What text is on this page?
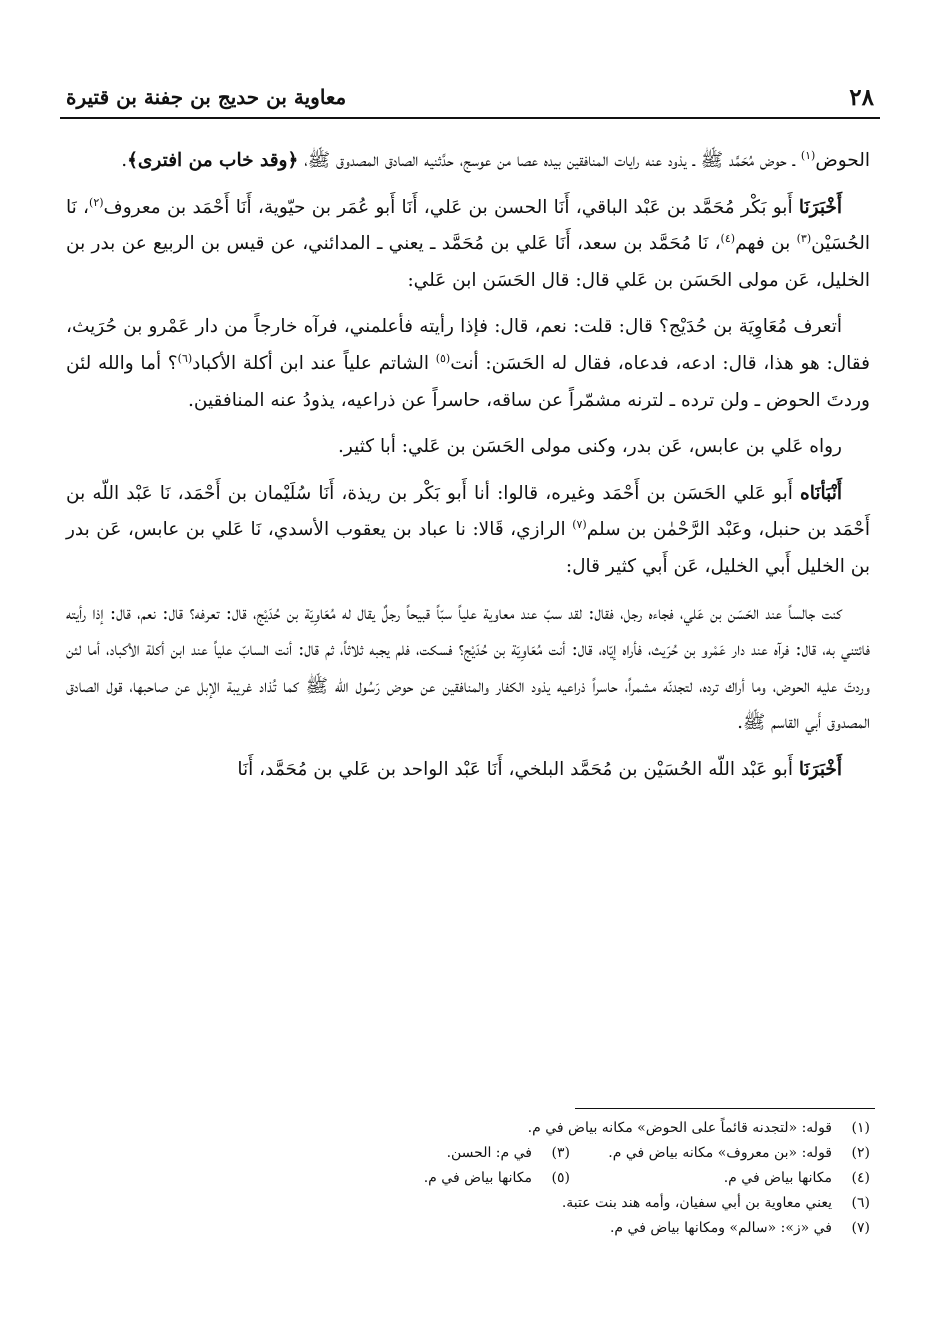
٢٨
معاوية بن حديج بن جفنة بن قتيرة

الحوض$^{(١)}$ ـ حوض مُحَمَّد ﷺ ـ يذود عنه رايات المنافقين بيده عصا من عوسج، حدَّثنيه الصادق المصدوق ﷺ، ﴿وقد خاب من افترى﴾.

أَخْبَرَنَا أَبو بَكْر مُحَمَّد بن عَبْد الباقي، أَنَا الحسن بن عَلي، أَنَا أَبو عُمَر بن حيّوية، أَنَا أَحْمَد بن معروف$^{(٢)}$، نَا الحُسَيْن$^{(٣)}$ بن فهم$^{(٤)}$، نَا مُحَمَّد بن سعد، أَنَا عَلي بن مُحَمَّد ـ يعني ـ المدائني، عن قيس بن الربيع عن بدر بن الخليل، عَن مولى الحَسَن بن عَلي قال: قال الحَسَن ابن عَلي:

أتعرف مُعَاوِيَة بن حُدَيْج؟ قال: قلت: نعم، قال: فإذا رأيته فأعلمني، فرآه خارجاً من دار عَمْرو بن حُرَيث، فقال: هو هذا، قال: ادعه، فدعاه، فقال له الحَسَن: أنت$^{(٥)}$ الشاتم علياً عند ابن أكلة الأكباد$^{(٦)}$؟ أما والله لئن وردتَ الحوض ـ ولن ترده ـ لترنه مشمّراً عن ساقه، حاسراً عن ذراعيه، يذودُ عنه المنافقين.

رواه عَلي بن عابس، عَن بدر، وكنى مولى الحَسَن بن عَلي: أبا كثير.

أَنْبَأنَاه أَبو عَلي الحَسَن بن أَحْمَد وغيره، قالوا: أنا أَبو بَكْر بن ريذة، أَنَا سُلَيْمان بن أَحْمَد، نَا عَبْد اللّه بن أَحْمَد بن حنبل، وعَبْد الرَّحْمٰن بن سلم$^{(٧)}$ الرازي، قَالا: نا عباد بن يعقوب الأسدي، نَا عَلي بن عابس، عَن بدر بن الخليل أَبي الخليل، عَن أَبي كثير قال:

كنت جالساً عند الحَسَن بن عَلي، فجاءه رجل، فقال: لقد سبّ عند معاوية علياً سبّاً قبيحاً رجلٌ يقال له مُعَاوِيَة بن حُدَيْج، قال: تعرفه؟ قال: نعم، قال: إذا رأيته فائتني به، قال: فرآه عند دار عَمْرو بن حُرَيث، فأراه إيّاه، قال: أنت مُعَاوِيَة بن حُدَيْج؟ فسكت، فلم يجبه ثلاثاً، ثم قال: أنت السابّ علياً عند ابن أكلة الأكباد، أما لئن وردتَ عليه الحوض، وما أراك ترده، لتجدنّه مشمراً، حاسراً ذراعيه يذود الكفار والمنافقين عن حوض رَسُول الله ﷺ كما تُذاد غريبة الإبل عن صاحبها، قول الصادق المصدوق أَبي القاسم ﷺ.

أَخْبَرَنَا أَبو عَبْد اللّه الحُسَيْن بن مُحَمَّد البلخي، أَنَا عَبْد الواحد بن عَلي بن مُحَمَّد، أَنَا

(١)قوله: «لتجدنه قائماً على الحوض» مكانه بياض في م.
(٢)قوله: «بن معروف» مكانه بياض في م.
(٣)في م: الحسن.
(٤)مكانها بياض في م.
(٥)مكانها بياض في م.
(٦)يعني معاوية بن أبي سفيان، وأمه هند بنت عتبة.
(٧)في «ز»: «سالم» ومكانها بياض في م.
